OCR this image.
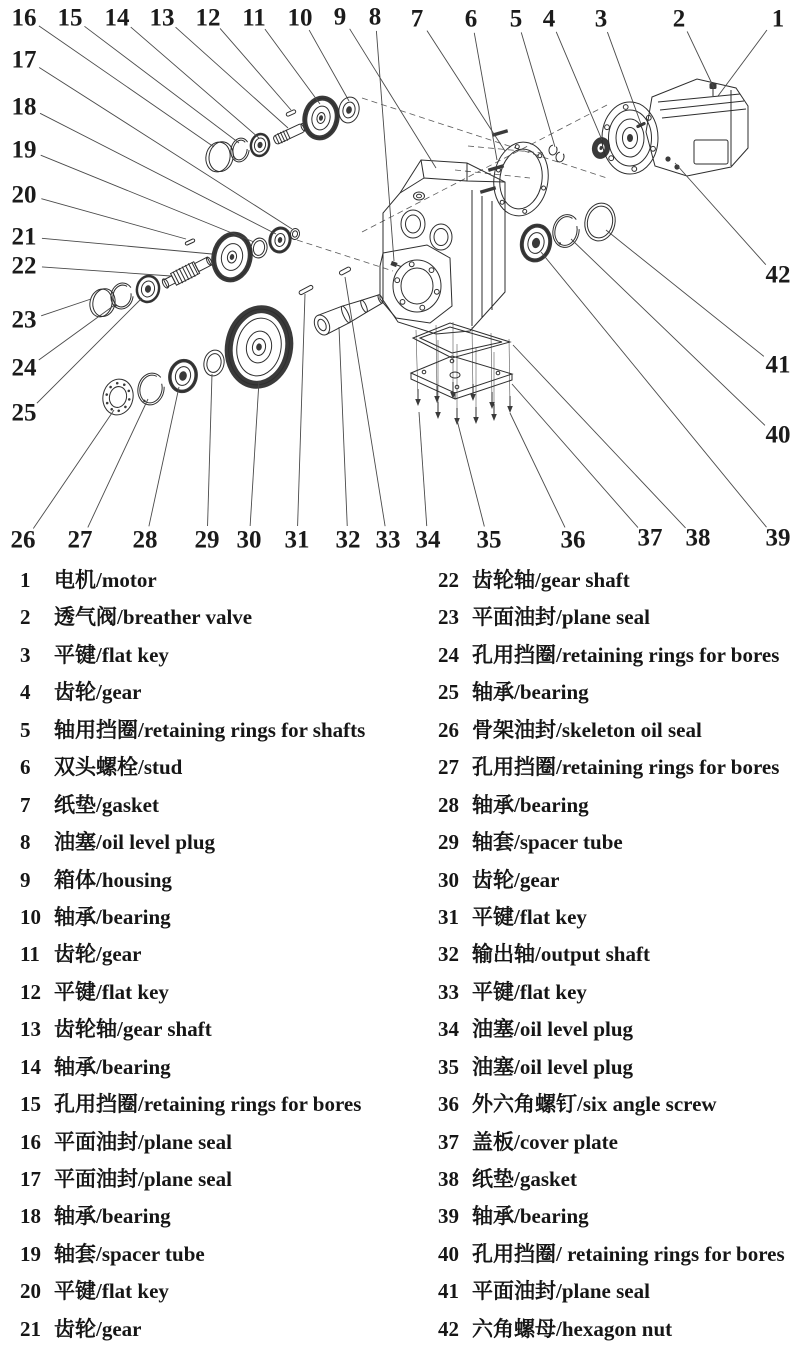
1
2
3
4
5
6
7
8
9
10
11
12
13
14
15
16
17
18
19
20
21
22
23
24
25
26 27 28 29 30 31 32 33 34 35 36 37 38 39
40
41
42
1 电机/motor
2 透气阀/breather valve
3 平键/flat key
4 齿轮/gear
5 轴用挡圈/retaining rings for shafts
6 双头螺栓/stud
7 纸垫/gasket
8 油塞/oil level plug
9 箱体/housing
10 轴承/bearing
11 齿轮/gear
12 平键/flat key
13 齿轮轴/gear shaft
14 轴承/bearing
15 孔用挡圈/retaining rings for bores
16 平面油封/plane seal
17 平面油封/plane seal
18 轴承/bearing
19 轴套/spacer tube
20 平键/flat key
21 齿轮/gear
22 齿轮轴/gear shaft
23 平面油封/plane seal
24 孔用挡圈/retaining rings for bores
25 轴承/bearing
26 骨架油封/skeleton oil seal
27 孔用挡圈/retaining rings for bores
28 轴承/bearing
29 轴套/spacer tube
30 齿轮/gear
31 平键/flat key
32 输出轴/output shaft
33 平键/flat key
34 油塞/oil level plug
35 油塞/oil level plug
36 外六角螺钉/six angle screw
37 盖板/cover plate
38 纸垫/gasket
39 轴承/bearing
40 孔用挡圈/ retaining rings for bores
41 平面油封/plane seal
42 六角螺母/hexagon nut
